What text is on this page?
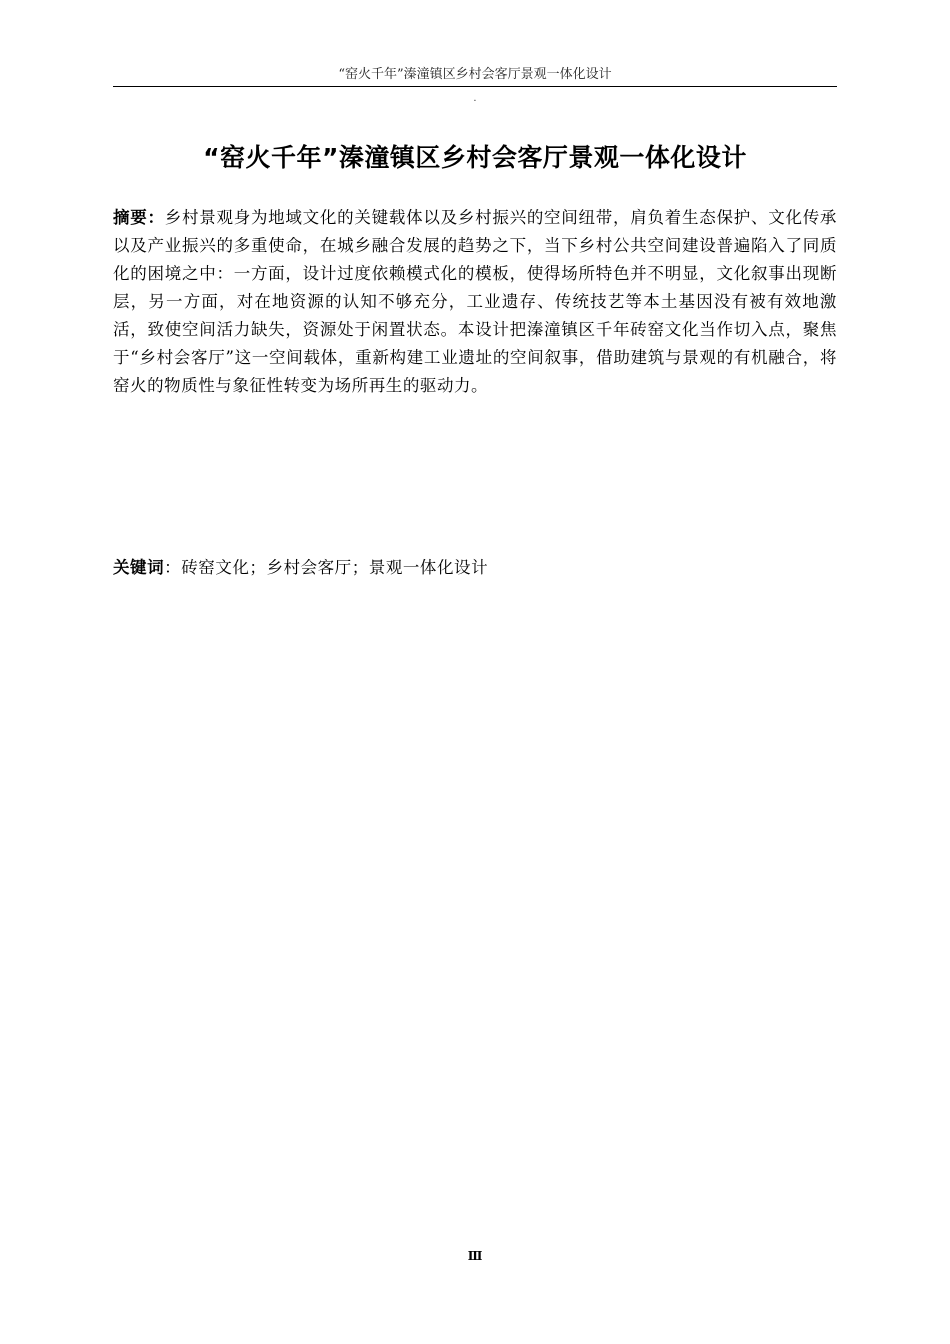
“窑火千年”溱潼镇区乡村会客厅景观一体化设计
·
“窑火千年”溱潼镇区乡村会客厅景观一体化设计
摘要：乡村景观身为地域文化的关键载体以及乡村振兴的空间纽带，肩负着生态保护、文化传承以及产业振兴的多重使命，在城乡融合发展的趋势之下，当下乡村公共空间建设普遍陷入了同质化的困境之中：一方面，设计过度依赖模式化的模板，使得场所特色并不明显，文化叙事出现断层，另一方面，对在地资源的认知不够充分，工业遗存、传统技艺等本土基因没有被有效地激活，致使空间活力缺失，资源处于闲置状态。本设计把溱潼镇区千年砖窑文化当作切入点，聚焦于“乡村会客厅”这一空间载体，重新构建工业遗址的空间叙事，借助建筑与景观的有机融合，将窑火的物质性与象征性转变为场所再生的驱动力。
关键词：砖窑文化；乡村会客厅；景观一体化设计
Ⅲ
